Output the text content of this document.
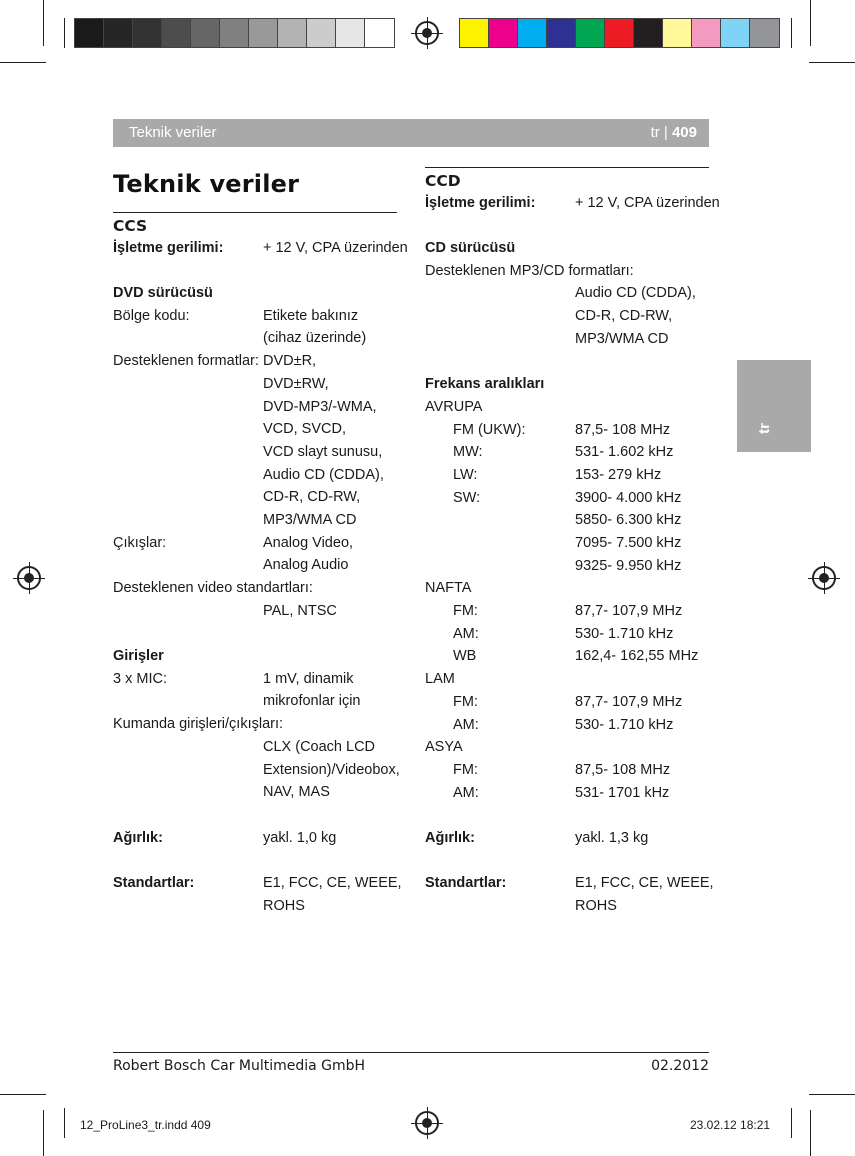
Teknik veriler	tr | 409
tr
Teknik veriler
CCS
İşletme gerilimi:	+ 12 V, CPA üzerinden
DVD sürücüsü
Bölge kodu:	Etikete bakınız
(cihaz üzerinde)
Desteklenen formatlar: DVD±R,
DVD±RW,
DVD-MP3/-WMA,
VCD, SVCD,
VCD slayt sunusu,
Audio CD (CDDA),
CD-R, CD-RW,
MP3/WMA CD
Çıkışlar:	Analog Video,
Analog Audio
Desteklenen video standartları:
PAL, NTSC
Girişler
3 x MIC:	1 mV, dinamik
mikrofonlar için
Kumanda girişleri/çıkışları:
CLX (Coach LCD
Extension)/Videobox,
NAV, MAS
Ağırlık:	yakl. 1,0 kg
Standartlar:	E1, FCC, CE, WEEE,
ROHS
CCD
İşletme gerilimi:	+ 12 V, CPA üzerinden
CD sürücüsü
Desteklenen MP3/CD formatları:
Audio CD (CDDA),
CD-R, CD-RW,
MP3/WMA CD
Frekans aralıkları
AVRUPA
FM (UKW):	87,5- 108 MHz
MW:	531- 1.602 kHz
LW:	153- 279 kHz
SW:	3900- 4.000 kHz
5850- 6.300 kHz
7095- 7.500 kHz
9325- 9.950 kHz
NAFTA
FM:	87,7- 107,9 MHz
AM:	530- 1.710 kHz
WB	162,4- 162,55 MHz
LAM
FM:	87,7- 107,9 MHz
AM:	530- 1.710 kHz
ASYA
FM:	87,5- 108 MHz
AM:	531- 1701 kHz
Ağırlık:	yakl. 1,3 kg
Standartlar:	E1, FCC, CE, WEEE,
ROHS
Robert Bosch Car Multimedia GmbH	02.2012
12_ProLine3_tr.indd 409	23.02.12 18:21
